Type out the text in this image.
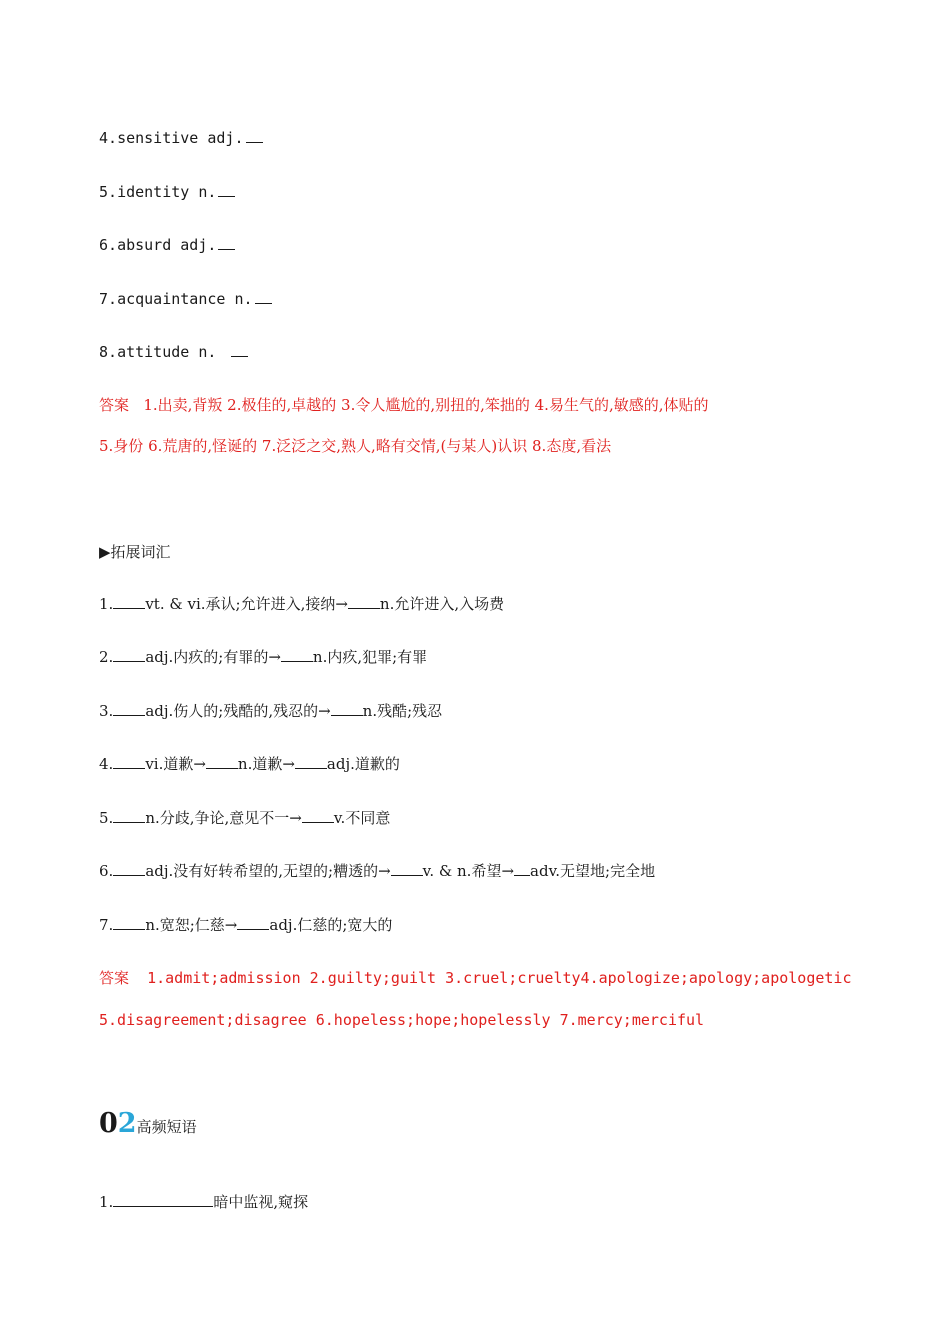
4.sensitive adj.
5.identity n.
6.absurd adj.
7.acquaintance n.
8.attitude n.
答案 1.出卖,背叛 2.极佳的,卓越的 3.令人尴尬的,别扭的,笨拙的 4.易生气的,敏感的,体贴的
5.身份 6.荒唐的,怪诞的 7.泛泛之交,熟人,略有交情,(与某人)认识 8.态度,看法
▶拓展词汇
1. vt. & vi.承认;允许进入,接纳→ n.允许进入,入场费
2. adj.内疚的;有罪的→ n.内疚,犯罪;有罪
3. adj.伤人的;残酷的,残忍的→ n.残酷;残忍
4. vi.道歉→ n.道歉→ adj.道歉的
5. n.分歧,争论,意见不一→ v.不同意
6. adj.没有好转希望的,无望的;糟透的→ v. & n.希望→ adv.无望地;完全地
7. n.宽恕;仁慈→ adj.仁慈的;宽大的
答案 1.admit;admission 2.guilty;guilt 3.cruel;cruelty4.apologize;apology;apologetic
5.disagreement;disagree 6.hopeless;hope;hopelessly 7.mercy;merciful
02高频短语
1.	暗中监视,窥探
